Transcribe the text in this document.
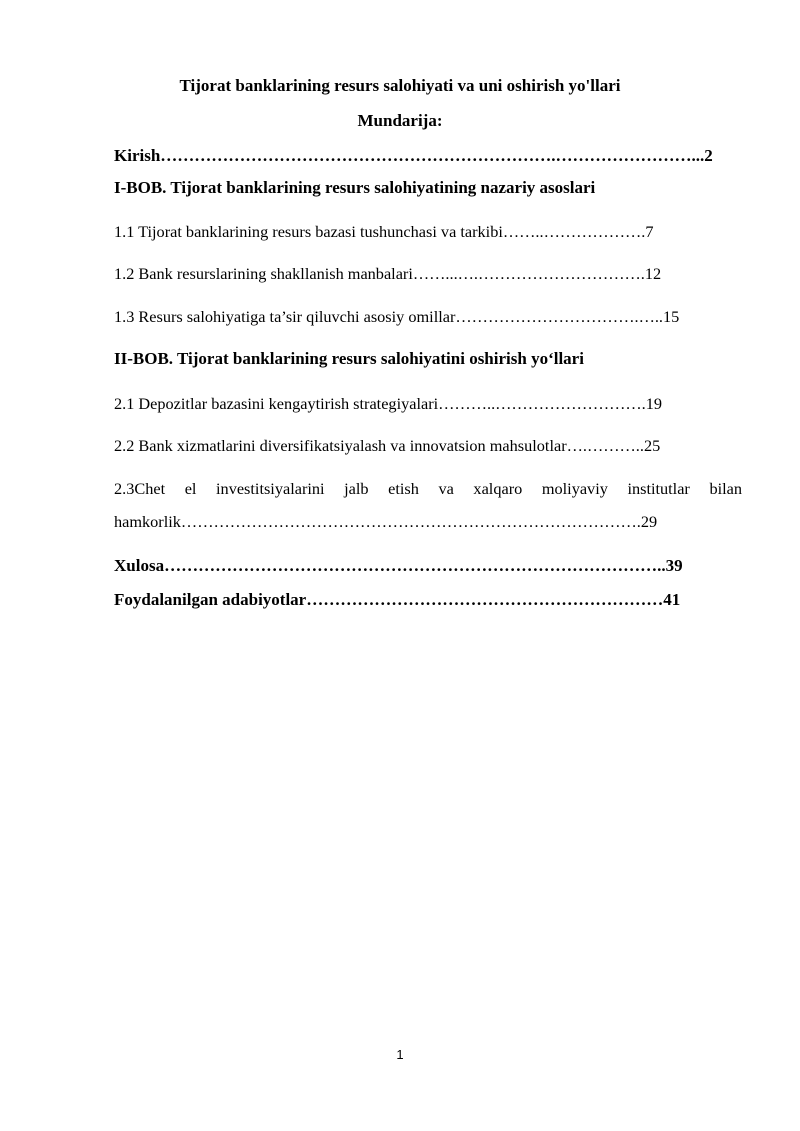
Tijorat banklarining resurs salohiyati va uni oshirish yo'llari
Mundarija:
Kirish…………………………………………………………….……………………...2
I-BOB. Tijorat banklarining resurs salohiyatining nazariy asoslari
1.1 Tijorat banklarining resurs bazasi tushunchasi va tarkibi……..……………….7
1.2 Bank resurslarining shakllanish manbalari……...….………………………….12
1.3 Resurs salohiyatiga ta’sir qiluvchi asosiy omillar…………………………….…..15
II-BOB. Tijorat banklarining resurs salohiyatini oshirish yo‘llari
2.1 Depozitlar bazasini kengaytirish strategiyalari………..……………………….19
2.2 Bank xizmatlarini diversifikatsiyalash va innovatsion mahsulotlar….………..25
2.3Chet el investitsiyalarini jalb etish va xalqaro moliyaviy institutlar bilan
hamkorlik………………………………………………………………………….29
Xulosa……………………………………………………………………………..39
Foydalanilgan adabiyotlar………………………………………………………41
1
